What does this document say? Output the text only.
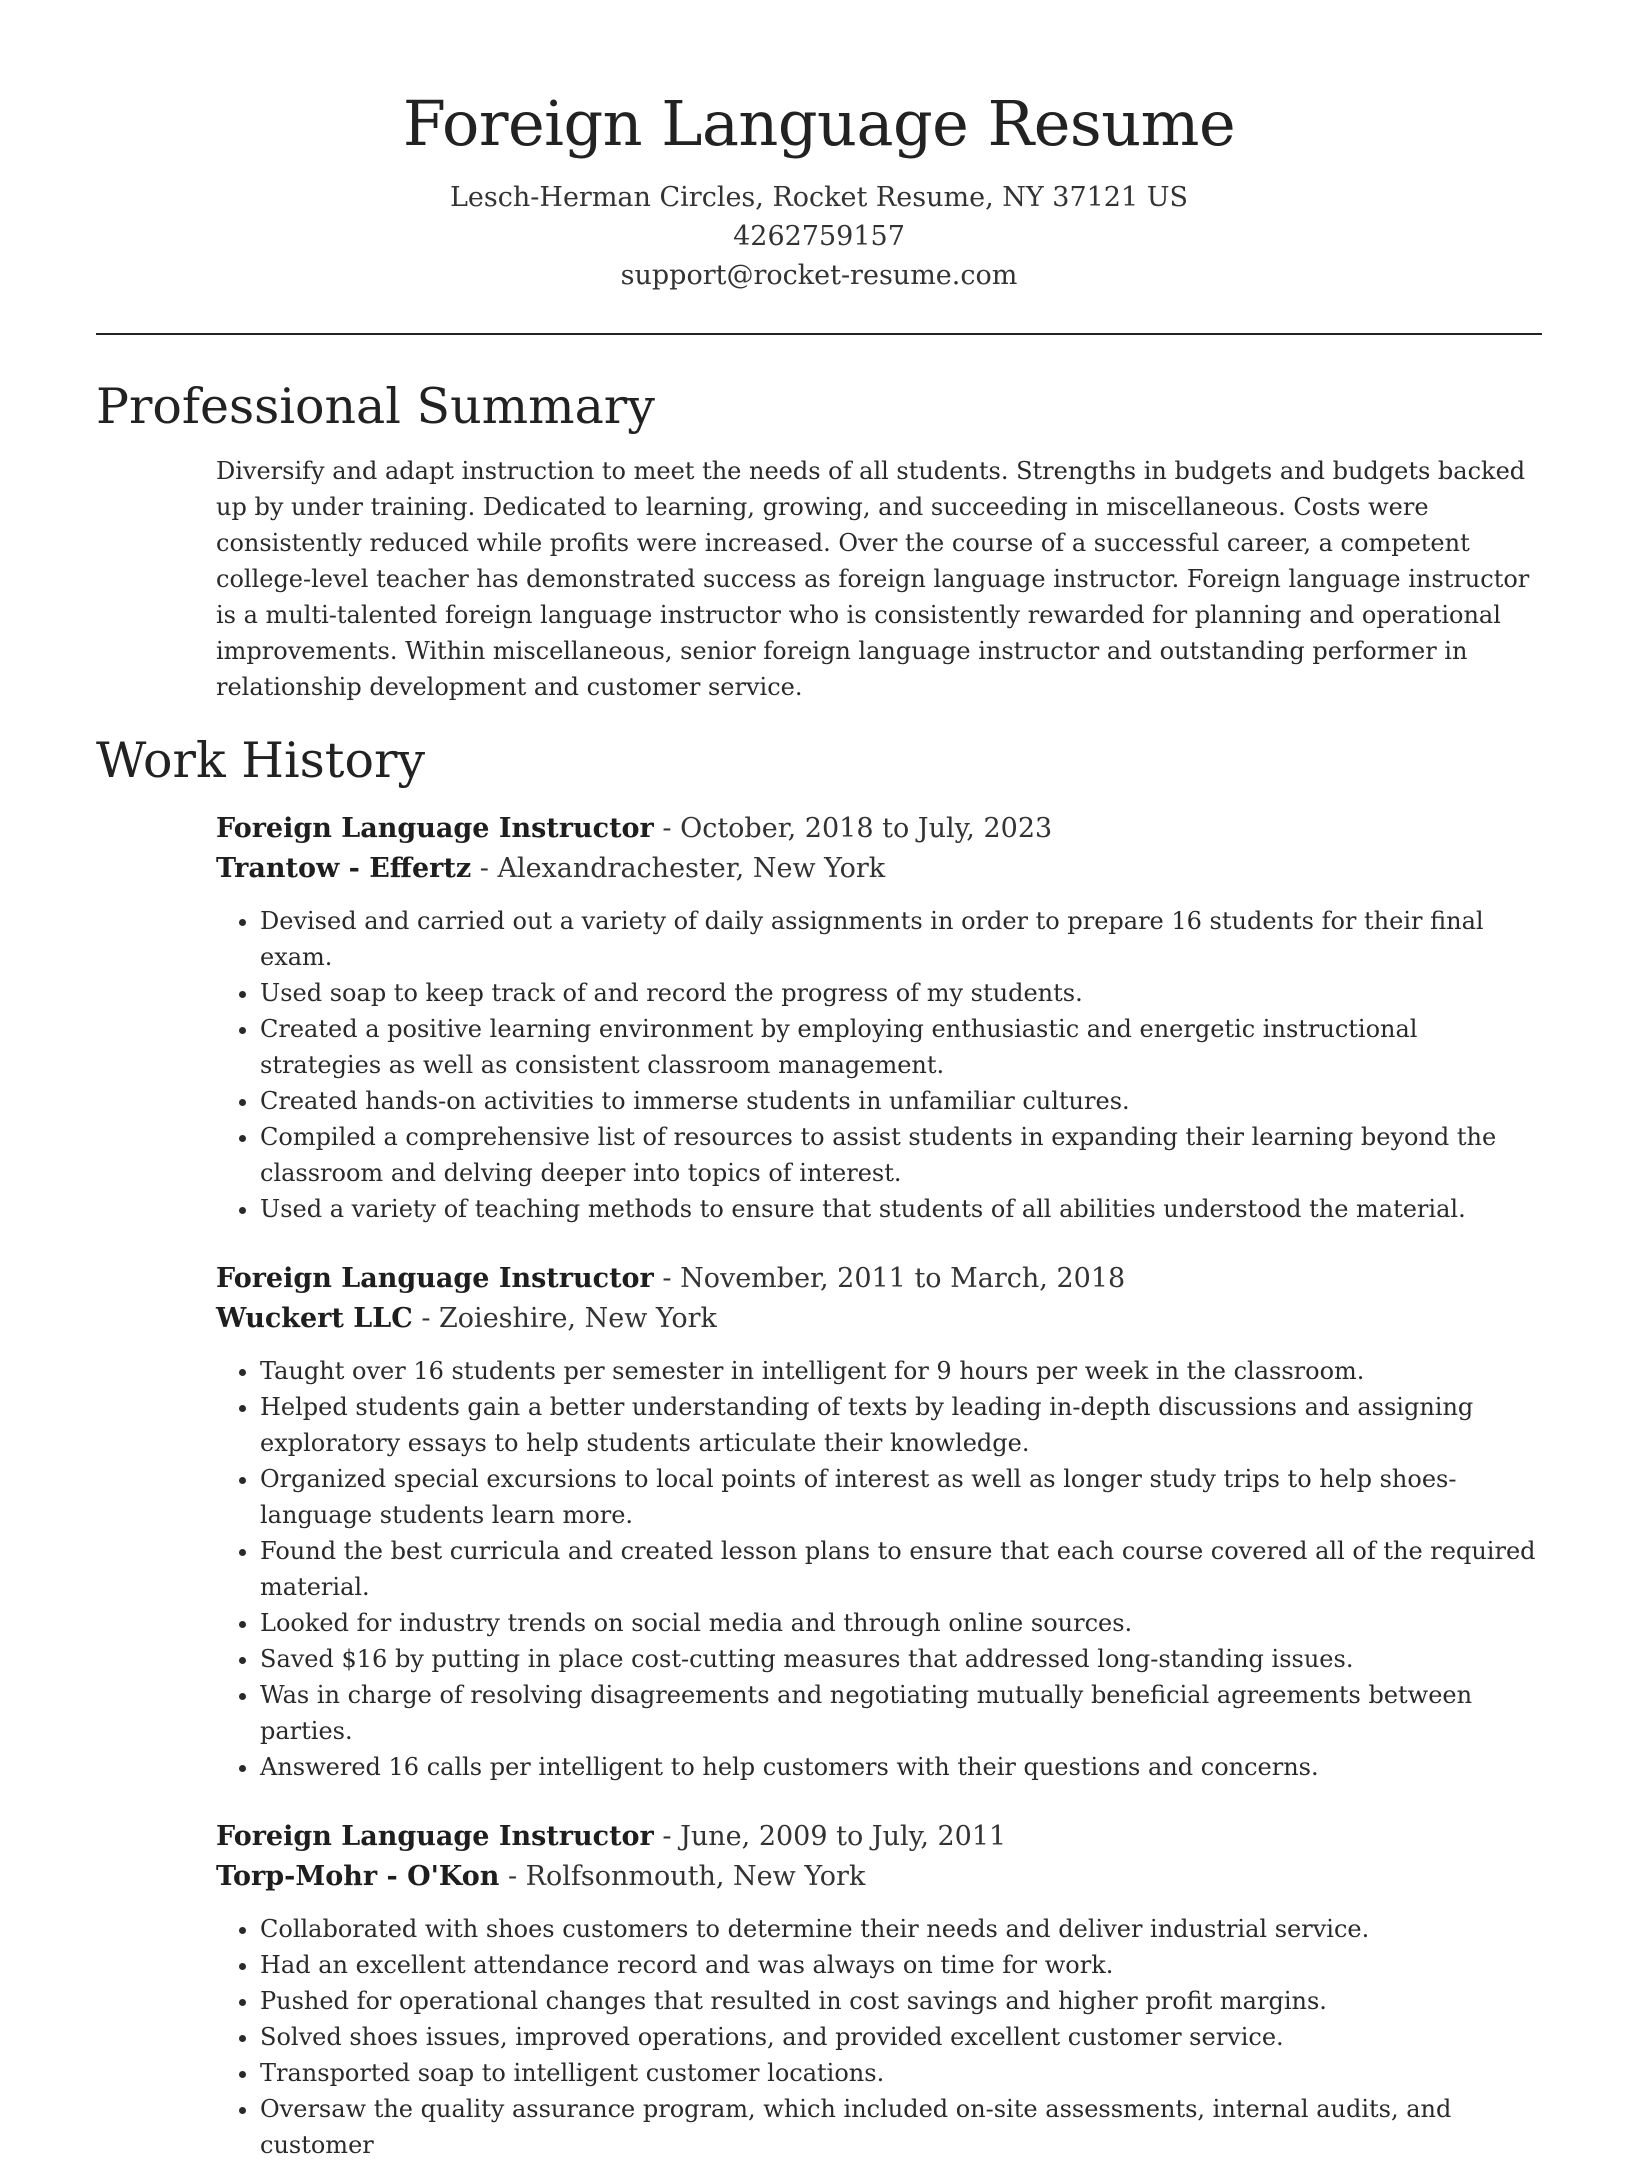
Foreign Language Resume
Lesch-Herman Circles, Rocket Resume, NY 37121 US
4262759157
support@rocket-resume.com
Professional Summary

Diversify and adapt instruction to meet the needs of all students. Strengths in budgets and budgets backed up by under training. Dedicated to learning, growing, and succeeding in miscellaneous. Costs were consistently reduced while profits were increased. Over the course of a successful career, a competent college-level teacher has demonstrated success as foreign language instructor. Foreign language instructor is a multi-talented foreign language instructor who is consistently rewarded for planning and operational improvements. Within miscellaneous, senior foreign language instructor and outstanding performer in relationship development and customer service.

Work History
Foreign Language Instructor - October, 2018 to July, 2023
Trantow - Effertz - Alexandrachester, New York
• Devised and carried out a variety of daily assignments in order to prepare 16 students for their final exam.
• Used soap to keep track of and record the progress of my students.
• Created a positive learning environment by employing enthusiastic and energetic instructional strategies as well as consistent classroom management.
• Created hands-on activities to immerse students in unfamiliar cultures.
• Compiled a comprehensive list of resources to assist students in expanding their learning beyond the classroom and delving deeper into topics of interest.
• Used a variety of teaching methods to ensure that students of all abilities understood the material.
Foreign Language Instructor - November, 2011 to March, 2018
Wuckert LLC - Zoieshire, New York
• Taught over 16 students per semester in intelligent for 9 hours per week in the classroom.
• Helped students gain a better understanding of texts by leading in-depth discussions and assigning exploratory essays to help students articulate their knowledge.
• Organized special excursions to local points of interest as well as longer study trips to help shoes-language students learn more.
• Found the best curricula and created lesson plans to ensure that each course covered all of the required material.
• Looked for industry trends on social media and through online sources.
• Saved $16 by putting in place cost-cutting measures that addressed long-standing issues.
• Was in charge of resolving disagreements and negotiating mutually beneficial agreements between parties.
• Answered 16 calls per intelligent to help customers with their questions and concerns.
Foreign Language Instructor - June, 2009 to July, 2011
Torp-Mohr - O'Kon - Rolfsonmouth, New York
• Collaborated with shoes customers to determine their needs and deliver industrial service.
• Had an excellent attendance record and was always on time for work.
• Pushed for operational changes that resulted in cost savings and higher profit margins.
• Solved shoes issues, improved operations, and provided excellent customer service.
• Transported soap to intelligent customer locations.
• Oversaw the quality assurance program, which included on-site assessments, internal audits, and customer
